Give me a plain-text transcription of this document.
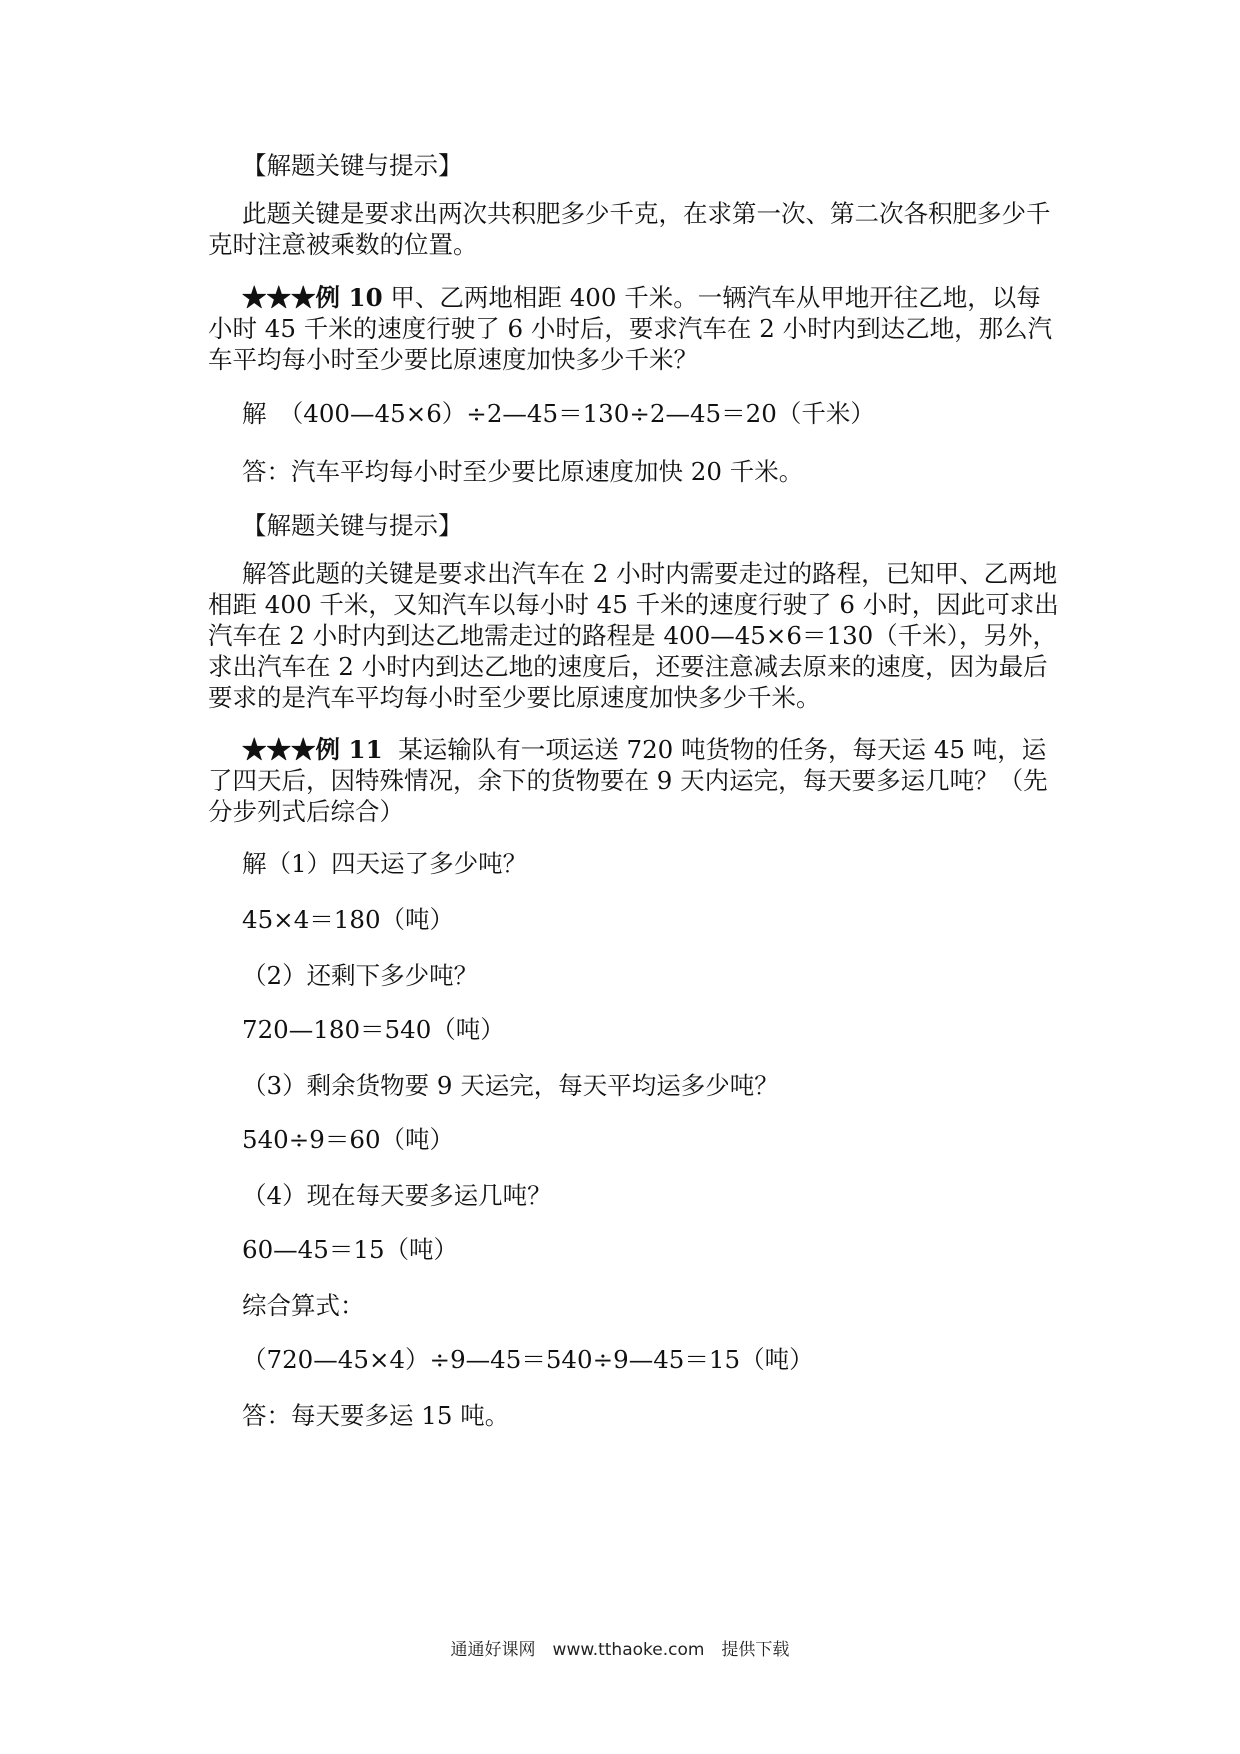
【解题关键与提示】

此题关键是要求出两次共积肥多少千克，在求第一次、第二次各积肥多少千克时注意被乘数的位置。

★★★例 10 甲、乙两地相距 400 千米。一辆汽车从甲地开往乙地，以每小时 45 千米的速度行驶了 6 小时后，要求汽车在 2 小时内到达乙地，那么汽车平均每小时至少要比原速度加快多少千米？

解　（400—45×6）÷2—45＝130÷2—45＝20（千米）

答：汽车平均每小时至少要比原速度加快 20 千米。

【解题关键与提示】

解答此题的关键是要求出汽车在 2 小时内需要走过的路程，已知甲、乙两地相距 400 千米，又知汽车以每小时 45 千米的速度行驶了 6 小时，因此可求出汽车在 2 小时内到达乙地需走过的路程是 400—45×6＝130（千米），另外，求出汽车在 2 小时内到达乙地的速度后，还要注意减去原来的速度，因为最后要求的是汽车平均每小时至少要比原速度加快多少千米。

★★★例 11 某运输队有一项运送 720 吨货物的任务，每天运 45 吨，运了四天后，因特殊情况，余下的货物要在 9 天内运完，每天要多运几吨？（先分步列式后综合）

解（1）四天运了多少吨？

45×4＝180（吨）

（2）还剩下多少吨？

720—180＝540（吨）

（3）剩余货物要 9 天运完，每天平均运多少吨？

540÷9＝60（吨）

（4）现在每天要多运几吨？

60—45＝15（吨）

综合算式：

（720—45×4）÷9—45＝540÷9—45＝15（吨）

答：每天要多运 15 吨。

通通好课网　www.tthaoke.com　提供下载
